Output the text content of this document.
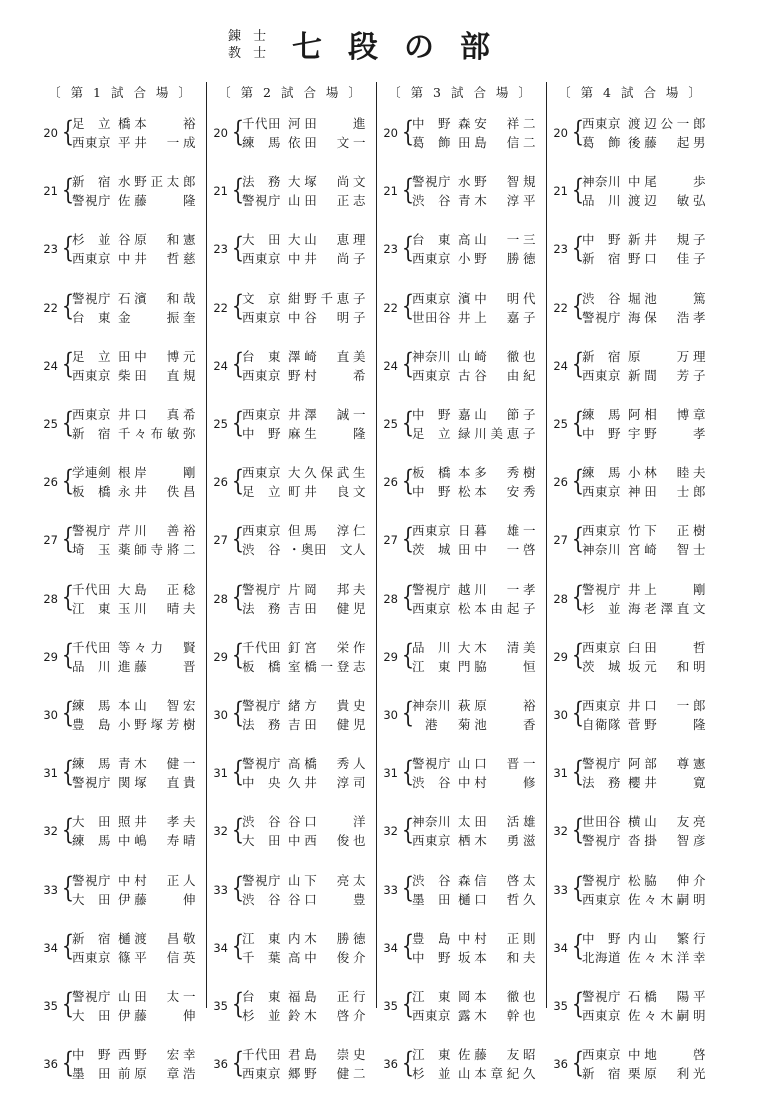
錬 士
教 士 七段の部
〔 第 1 試 合 場 〕
20 {
足　立 橋本　　裕
西東京 平井　一成
21 {
新　宿 水野正太郎
警視庁 佐藤　　隆
23 {
杉　並 谷原　和憲
西東京 中井　哲慈
22 {
警視庁 石濱　和哉
台　東 金　　振奎
24 {
足　立 田中　博元
西東京 柴田　直規
25 {
西東京 井口　真希
新　宿 千々布敏弥
26 {
学連剣 根岸　　剛
板　橋 永井　佚昌
27 {
警視庁 芹川　善裕
埼　玉 薬師寺將二
28 {
千代田 大島　正稔
江　東 玉川　晴夫
29 {
千代田 等々力　賢
品　川 進藤　　晋
30 {
練　馬 本山　智宏
豊　島 小野塚芳樹
31 {
練　馬 青木　健一
警視庁 関塚　直貴
32 {
大　田 照井　孝夫
練　馬 中嶋　寿晴
33 {
警視庁 中村　正人
大　田 伊藤　　伸
34 {
新　宿 樋渡　昌敬
西東京 篠平　信英
35 {
警視庁 山田　太一
大　田 伊藤　　伸
36 {
中　野 西野　宏幸
墨　田 前原　章浩
〔 第 2 試 合 場 〕
20 {
千代田 河田　　進
練　馬 依田　文一
21 {
法　務 大塚　尚文
警視庁 山田　正志
23 {
大　田 大山　恵理
西東京 中井　尚子
22 {
文　京 紺野千恵子
西東京 中谷　明子
24 {
台　東 澤崎　直美
西東京 野村　　希
25 {
西東京 井澤　誠一
中　野 麻生　　隆
26 {
西東京 大久保武生
足　立 町井　良文
27 {
西東京 但馬　淳仁
渋　谷 ・奥田　文人
28 {
警視庁 片岡　邦夫
法　務 吉田　健児
29 {
千代田 釘宮　栄作
板　橋 室橋一登志
30 {
警視庁 緒方　貴史
法　務 吉田　健児
31 {
警視庁 高橋　秀人
中　央 久井　淳司
32 {
渋　谷 谷口　　洋
大　田 中西　俊也
33 {
警視庁 山下　亮太
渋　谷 谷口　　豊
34 {
江　東 内木　勝徳
千　葉 高中　俊介
35 {
台　東 福島　正行
杉　並 鈴木　啓介
36 {
千代田 君島　崇史
西東京 郷野　健二
〔 第 3 試 合 場 〕
20 {
中　野 森安　祥二
葛　飾 田島　信二
21 {
警視庁 水野　智規
渋　谷 青木　淳平
23 {
台　東 高山　一三
西東京 小野　勝徳
22 {
西東京 濱中　明代
世田谷 井上　嘉子
24 {
神奈川 山崎　徹也
西東京 古谷　由紀
25 {
中　野 嘉山　節子
足　立 緑川美恵子
26 {
板　橋 本多　秀樹
中　野 松本　安秀
27 {
西東京 日暮　雄一
茨　城 田中　一啓
28 {
警視庁 越川　一孝
西東京 松本由起子
29 {
品　川 大木　清美
江　東 門脇　　恒
30 {
神奈川 萩原　　裕
　港	菊池　　香
31 {
警視庁 山口　晋一
渋　谷 中村　　修
32 {
神奈川 太田　活雄
西東京 栖木　勇滋
33 {
渋　谷 森信　啓太
墨　田 樋口　哲久
34 {
豊　島 中村　正則
中　野 坂本　和夫
35 {
江　東 岡本　徹也
西東京 露木　幹也
36 {
江　東 佐藤　友昭
杉　並 山本章紀久
〔 第 4 試 合 場 〕
20 {
西東京 渡辺公一郎
葛　飾 後藤　起男
21 {
神奈川 中尾　　歩
品　川 渡辺　敏弘
23 {
中　野 新井　規子
新　宿 野口　佳子
22 {
渋　谷 堀池　　篤
警視庁 海保　浩孝
24 {
新　宿 原　　万理
西東京 新間　芳子
25 {
練　馬 阿相　博章
中　野 宇野　　孝
26 {
練　馬 小林　睦夫
西東京 神田　士郎
27 {
西東京 竹下　正樹
神奈川 宮崎　智士
28 {
警視庁 井上　　剛
杉　並 海老澤直文
29 {
西東京 臼田　　哲
茨　城 坂元　和明
30 {
西東京 井口　一郎
自衛隊 菅野　　隆
31 {
警視庁 阿部　尊憲
法　務 櫻井　　寛
32 {
世田谷 横山　友亮
警視庁 沓掛　智彦
33 {
警視庁 松脇　伸介
西東京 佐々木嗣明
34 {
中　野 内山　繁行
北海道 佐々木洋幸
35 {
警視庁 石橋　陽平
西東京 佐々木嗣明
36 {
西東京 中地　　啓
新　宿 栗原　利光
